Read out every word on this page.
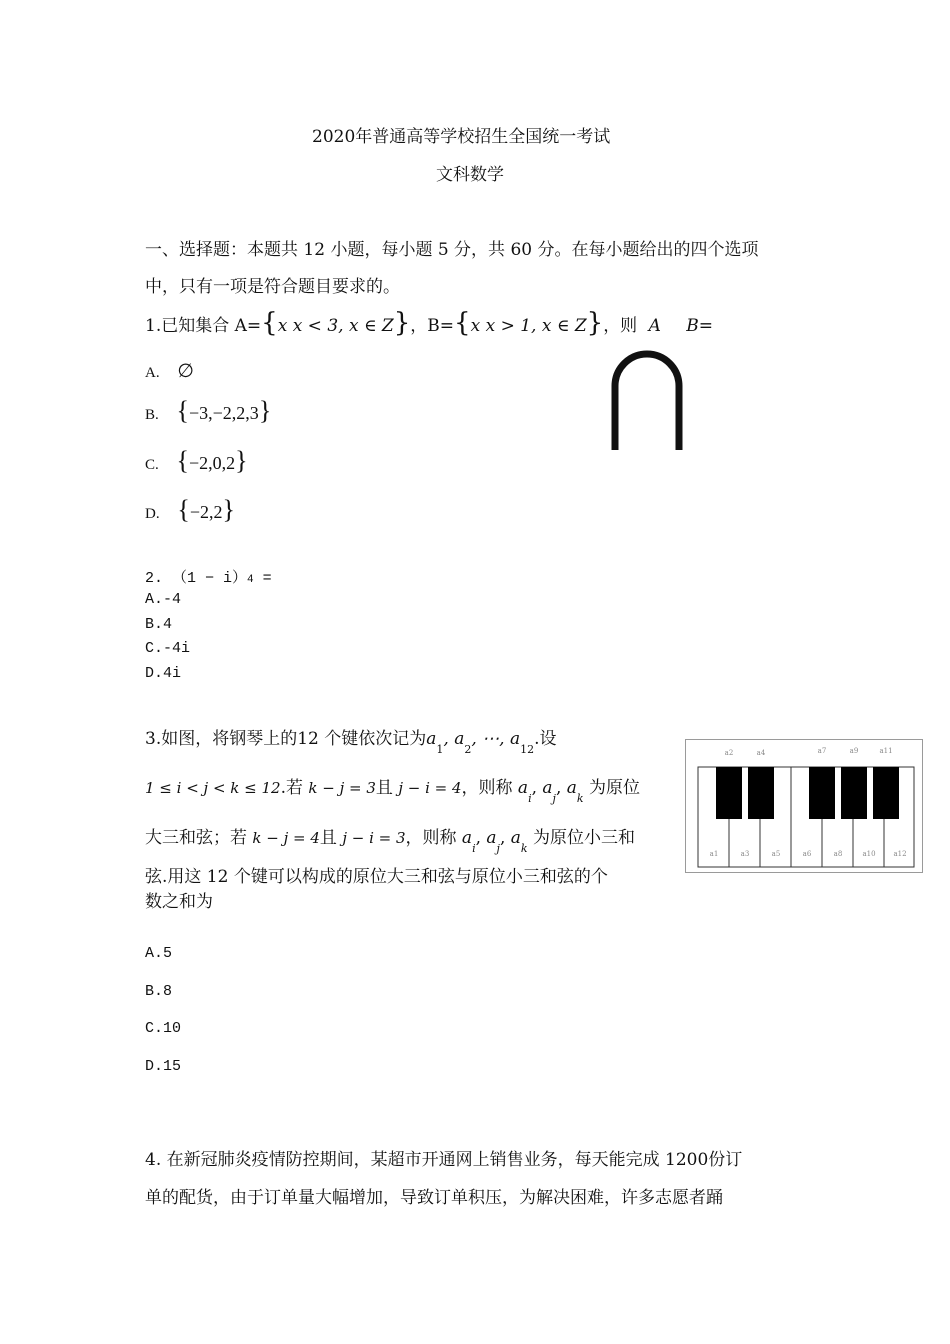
2020年普通高等学校招生全国统一考试
文科数学
一、选择题：本题共 12 小题，每小题 5 分，共 60 分。在每小题给出的四个选项
中，只有一项是符合题目要求的。
1.已知集合 A={x x < 3, x ∈ Z}，B={x x > 1, x ∈ Z}，则 A B=
A. ∅
B. {−3,−2,2,3}
C. {−2,0,2}
D. {−2,2}
2. （1 − i）4 =
A.-4
B.4
C.-4i
D.4i
3.如图，将钢琴上的12 个键依次记为$a_1$, $a_2$, ⋯, $a_{12}$.设
1 ≤ i < j < k ≤ 12.若 k − j = 3且 j − i = 4，则称 $a_i$, $a_j$, $a_k$ 为原位
大三和弦；若 k − j = 4且 j − i = 3，则称 $a_i$, $a_j$, $a_k$ 为原位小三和
弦.用这 12 个键可以构成的原位大三和弦与原位小三和弦的个
数之和为
a2	a4	a7	a9	a11
a1	a3	a5	a6	a8	a10	a12
A.5
B.8
C.10
D.15
4. 在新冠肺炎疫情防控期间，某超市开通网上销售业务，每天能完成 1200份订
单的配货，由于订单量大幅增加，导致订单积压，为解决困难，许多志愿者踊
